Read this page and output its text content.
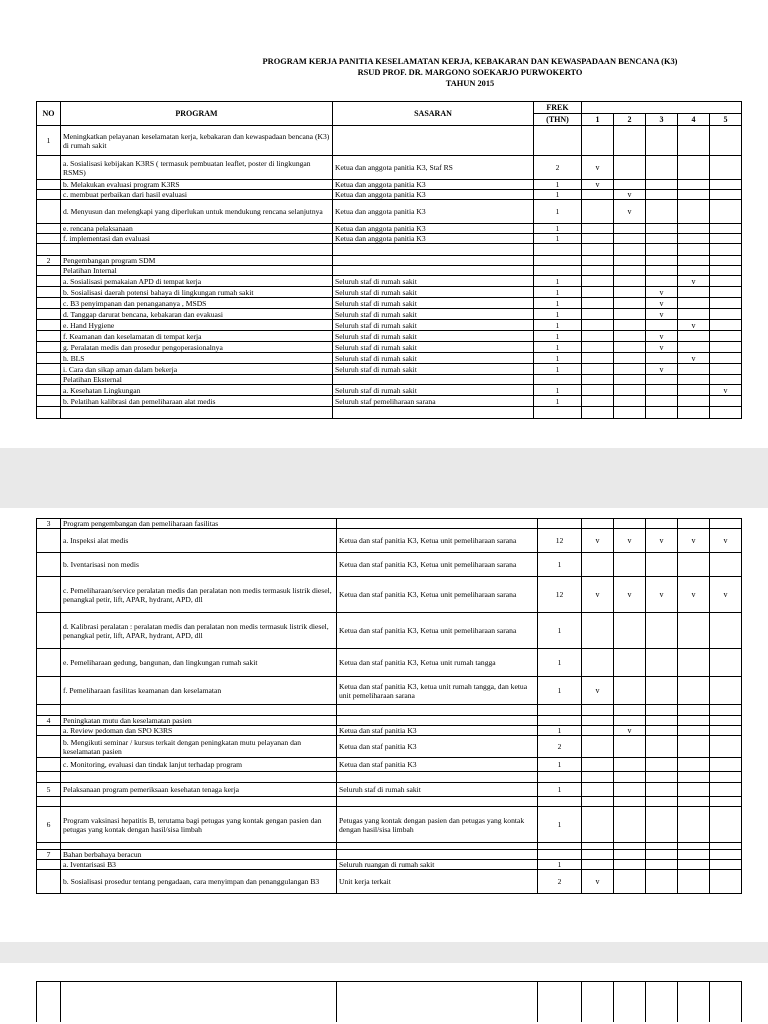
PROGRAM KERJA PANITIA KESELAMATAN KERJA, KEBAKARAN DAN KEWASPADAAN BENCANA (K3)
RSUD PROF. DR. MARGONO SOEKARJO PURWOKERTO
TAHUN 2015
NO	PROGRAM	SASARAN	FREK					
			(THN)	1	2	3	4	5
1	Meningkatkan pelayanan keselamatan kerja, kebakaran dan kewaspadaan bencana (K3) di rumah sakit							
	a. Sosialisasi kebijakan K3RS ( termasuk pembuatan leaflet, poster di lingkungan RSMS)	Ketua dan anggota panitia K3, Staf RS	2	v				
	b. Melakukan evaluasi program K3RS	Ketua dan anggota panitia K3	1	v				
	c. membuat perbaikan dari hasil evaluasi	Ketua dan anggota panitia K3	1		v			
	d. Menyusun dan melengkapi yang diperlukan untuk mendukung rencana selanjutnya	Ketua dan anggota panitia K3	1		v			
	e. rencana pelaksanaan	Ketua dan anggota panitia K3	1					
	f. implementasi dan evaluasi	Ketua dan anggota panitia K3	1					

2	Pengembangan program SDM							
	Pelatihan Internal							
	a. Sosialisasi pemakaian APD di tempat kerja	Seluruh staf di rumah sakit	1				v	
	b. Sosialisasi daerah potensi bahaya di lingkungan rumah sakit	Seluruh staf di rumah sakit	1			v		
	c. B3 penyimpanan dan penangananya , MSDS	Seluruh staf di rumah sakit	1			v		
	d. Tanggap darurat bencana, kebakaran dan evakuasi	Seluruh staf di rumah sakit	1			v		
	e. Hand Hygiene	Seluruh staf di rumah sakit	1				v	
	f. Keamanan dan keselamatan di tempat kerja	Seluruh staf di rumah sakit	1			v		
	g. Peralatan medis dan prosedur pengoperasionalnya	Seluruh staf di rumah sakit	1			v		
	h. BLS	Seluruh staf di rumah sakit	1				v	
	i. Cara dan sikap aman dalam bekerja	Seluruh staf di rumah sakit	1			v		
	Pelatihan Eksternal							
	a. Kesehatan Lingkungan	Seluruh staf di rumah sakit	1					v
	b. Pelatihan kalibrasi dan pemeliharaan alat medis	Seluruh staf pemeliharaan sarana	1					

3	Program pengembangan dan pemeliharaan fasilitas							
	a. Inspeksi alat medis	Ketua dan staf panitia K3, Ketua unit pemeliharaan sarana	12	v	v	v	v	v
	b. Iventarisasi non medis	Ketua dan staf panitia K3, Ketua unit pemeliharaan sarana	1					
	c. Pemeliharaan/service peralatan medis dan peralatan non medis termasuk listrik diesel, penangkal petir, lift, APAR, hydrant, APD, dll	Ketua dan staf panitia K3, Ketua unit pemeliharaan sarana	12	v	v	v	v	v
	d. Kalibrasi peralatan : peralatan medis dan peralatan non medis termasuk listrik diesel, penangkal petir, lift, APAR, hydrant, APD, dll	Ketua dan staf panitia K3, Ketua unit pemeliharaan sarana	1					
	e. Pemeliharaan gedung, bangunan, dan lingkungan rumah sakit	Ketua dan staf panitia K3, Ketua unit rumah tangga	1					
	f. Pemeliharaan fasilitas keamanan dan keselamatan	Ketua dan staf panitia K3, ketua unit rumah tangga, dan ketua unit pemeliharaan sarana	1	v				

4	Peningkatan mutu dan keselamatan pasien							
	a. Review pedoman dan SPO K3RS	Ketua dan staf panitia K3	1		v			
	b. Mengikuti seminar / kursus terkait dengan peningkatan mutu pelayanan dan keselamatan pasien	Ketua dan staf panitia K3	2					
	c. Monitoring, evaluasi dan tindak lanjut terhadap program	Ketua dan staf panitia K3	1					

5	Pelaksanaan program pemeriksaan kesehatan tenaga kerja	Seluruh staf di rumah sakit	1					

6	Program vaksinasi hepatitis B, terutama bagi petugas yang kontak gengan pasien dan petugas yang kontak dengan hasil/sisa limbah	Petugas yang kontak dengan pasien dan petugas yang kontak dengan hasil/sisa limbah	1					

7	Bahan berbahaya beracun							
	a. Iventarisasi B3	Seluruh ruangan di rumah sakit	1					
	b. Sosialisasi prosedur tentang pengadaan, cara menyimpan dan penanggulangan B3	Unit kerja terkait	2	v				
